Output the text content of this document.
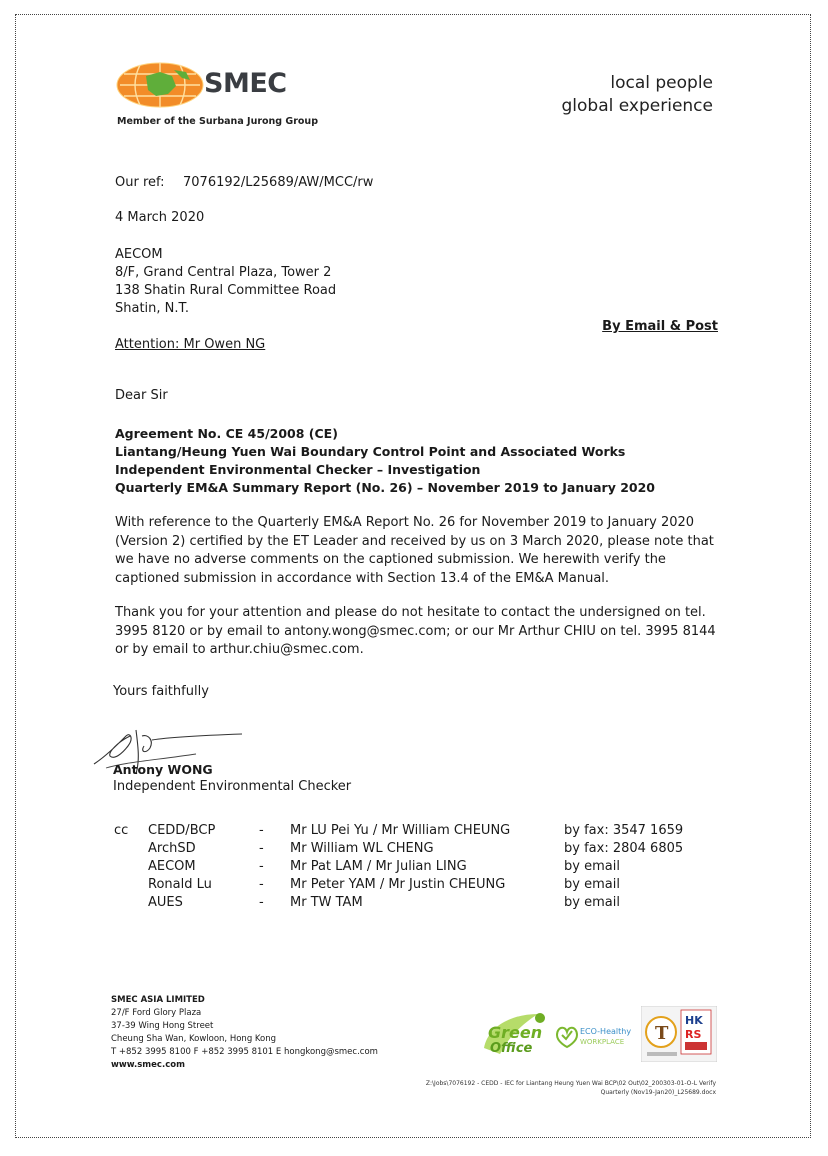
SMEC
Member of the Surbana Jurong Group
local people
global experience
Our ref: 7076192/L25689/AW/MCC/rw
4 March 2020
AECOM
8/F, Grand Central Plaza, Tower 2
138 Shatin Rural Committee Road
Shatin, N.T.
By Email & Post
Attention: Mr Owen NG
Dear Sir
Agreement No. CE 45/2008 (CE)
Liantang/Heung Yuen Wai Boundary Control Point and Associated Works
Independent Environmental Checker – Investigation
Quarterly EM&A Summary Report (No. 26) – November 2019 to January 2020
With reference to the Quarterly EM&A Report No. 26 for November 2019 to January 2020 (Version 2) certified by the ET Leader and received by us on 3 March 2020, please note that we have no adverse comments on the captioned submission. We herewith verify the captioned submission in accordance with Section 13.4 of the EM&A Manual.
Thank you for your attention and please do not hesitate to contact the undersigned on tel. 3995 8120 or by email to antony.wong@smec.com; or our Mr Arthur CHIU on tel. 3995 8144 or by email to arthur.chiu@smec.com.
Yours faithfully
Antony WONG
Independent Environmental Checker
cc CEDD/BCP	- Mr LU Pei Yu / Mr William CHEUNG	by fax: 3547 1659
ArchSD	- Mr William WL CHENG	by fax: 2804 6805
AECOM	- Mr Pat LAM / Mr Julian LING	by email
Ronald Lu	- Mr Peter YAM / Mr Justin CHEUNG	by email
AUES	- Mr TW TAM	by email
SMEC ASIA LIMITED
27/F Ford Glory Plaza
37-39 Wing Hong Street
Cheung Sha Wan, Kowloon, Hong Kong
T +852 3995 8100 F +852 3995 8101 E hongkong@smec.com
www.smec.com
Green
Office
ECO-Healthy
WORKPLACE T
HK
RS
Z:\Jobs\7076192 - CEDD - IEC for Liantang Heung Yuen Wai BCP\02 Out\02_200303-01-O-L Verify
Quarterly (Nov19-Jan20)_L25689.docx
